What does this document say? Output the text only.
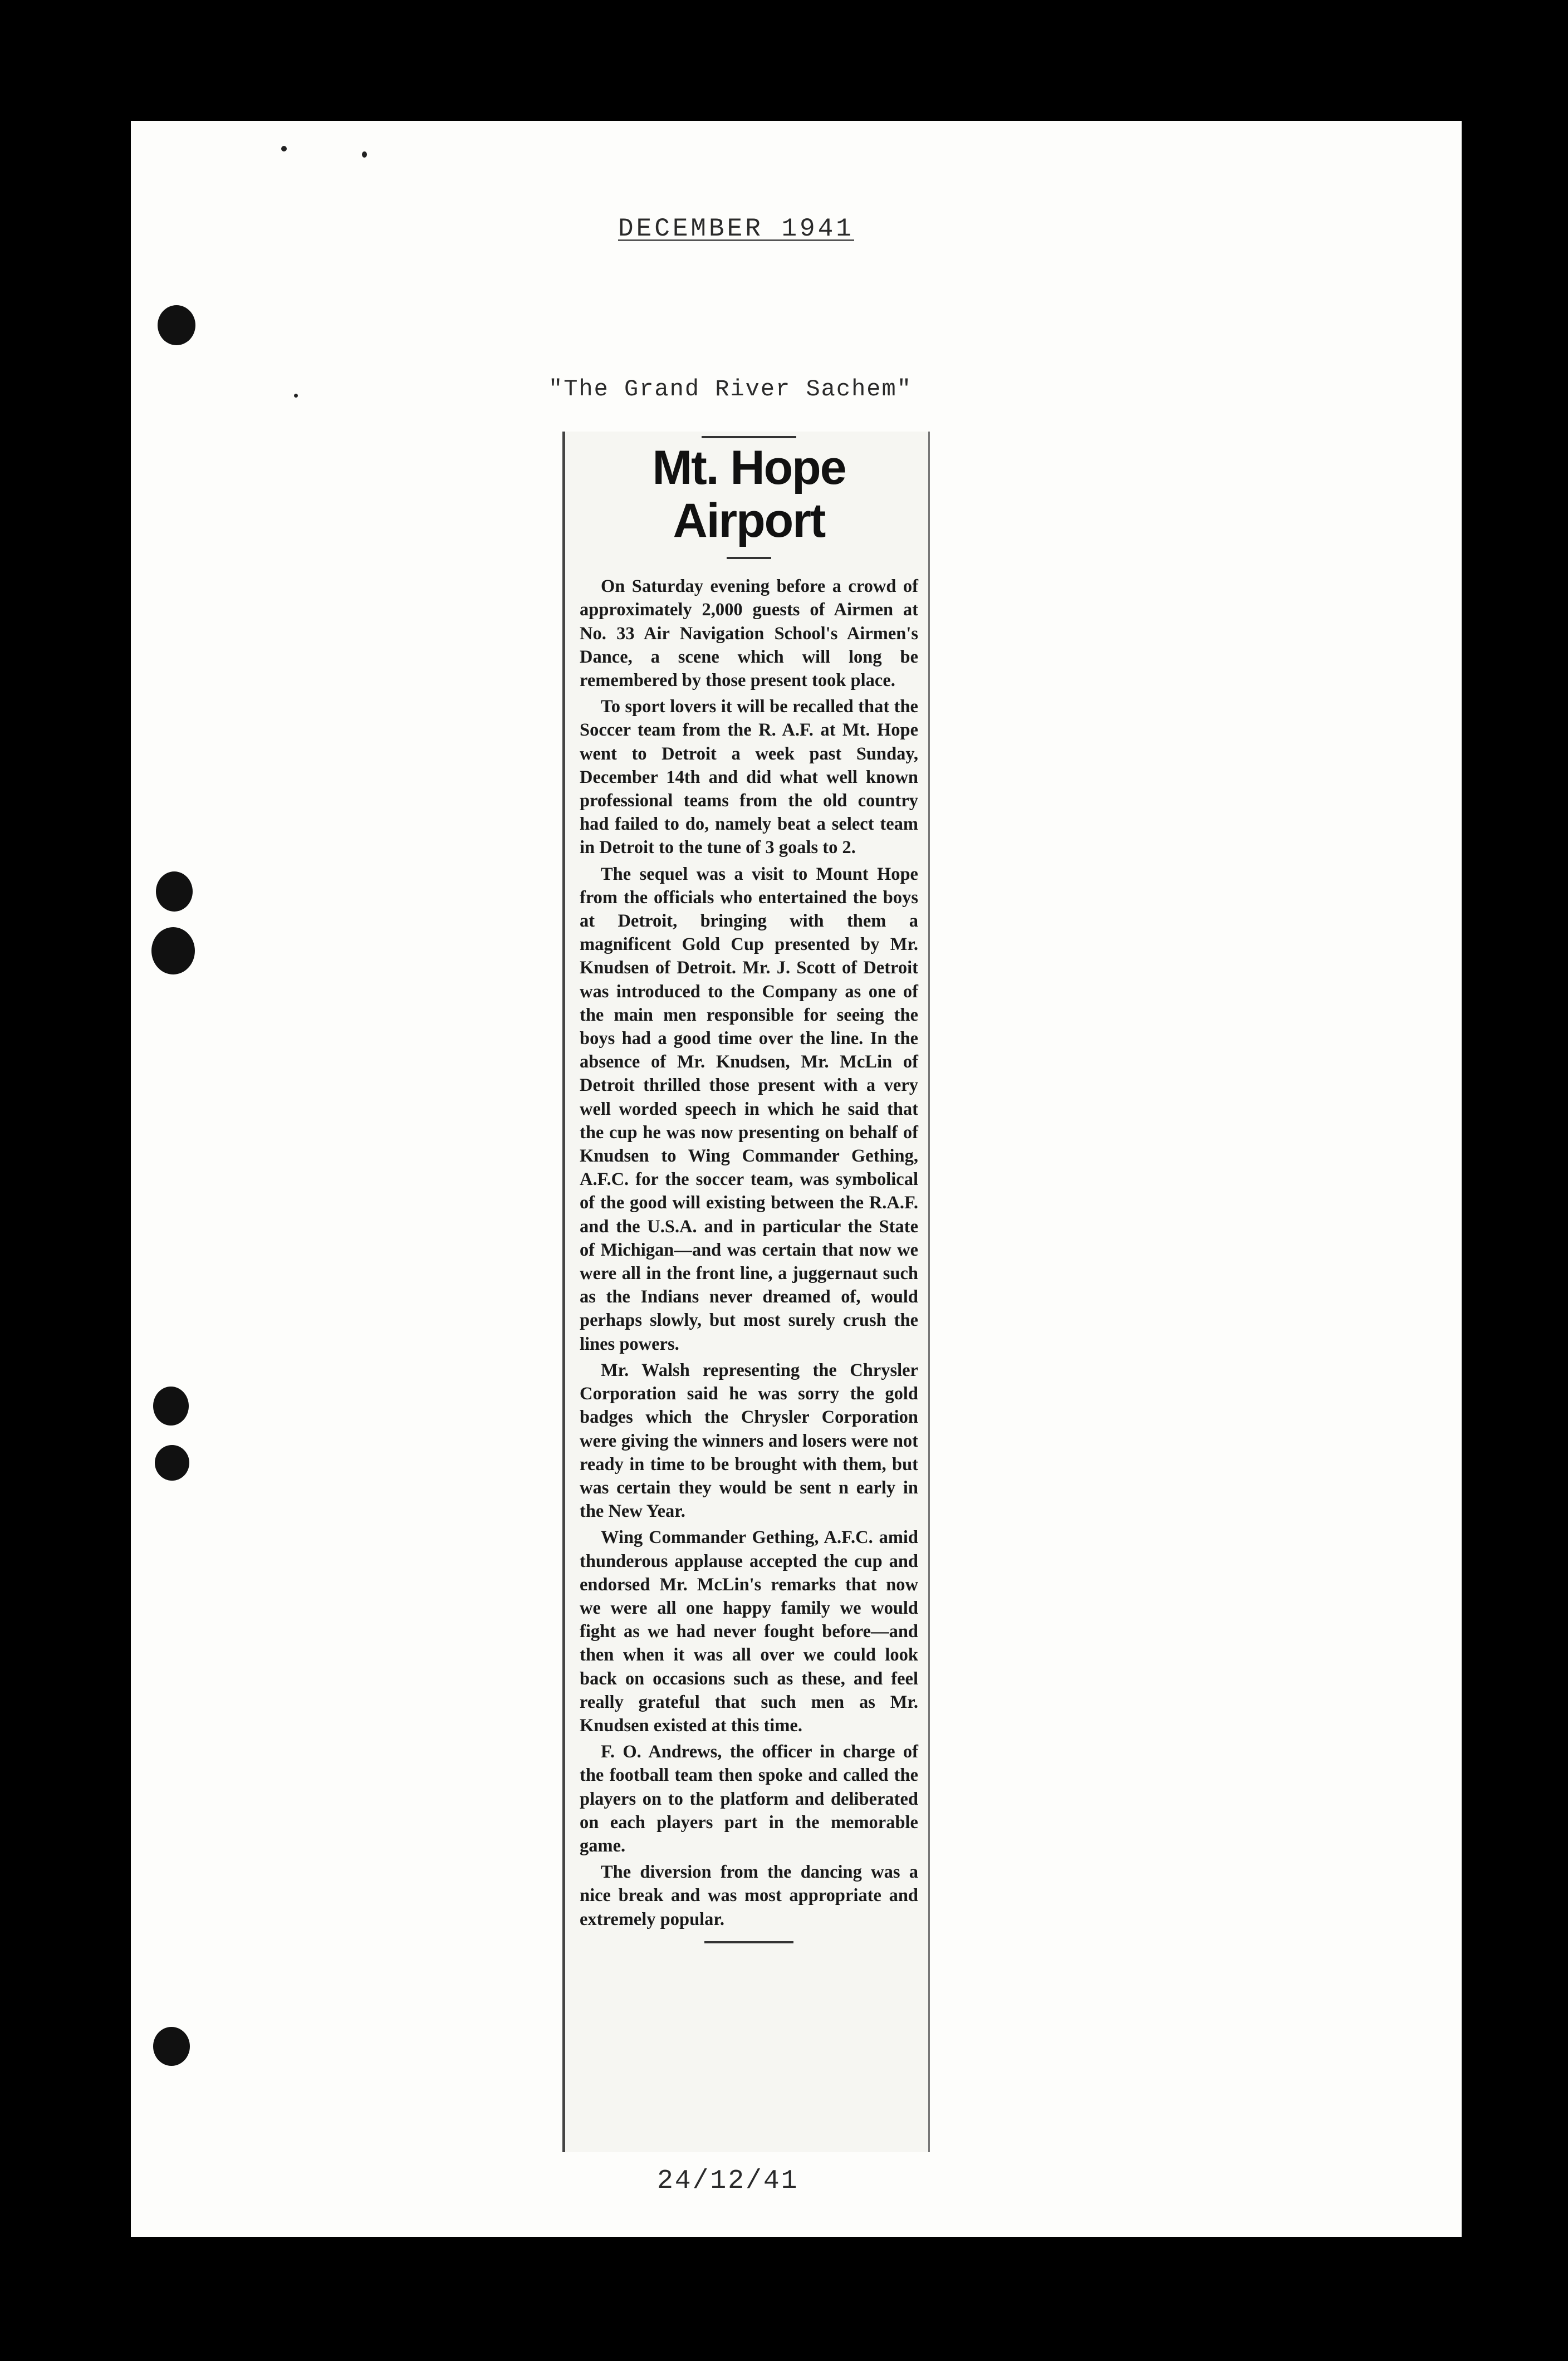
DECEMBER 1941
"The Grand River Sachem"
Mt. Hope Airport

On Saturday evening before a crowd of approximately 2,000 guests of Airmen at No. 33 Air Navigation School's Airmen's Dance, a scene which will long be remembered by those present took place.

To sport lovers it will be recalled that the Soccer team from the R. A.F. at Mt. Hope went to Detroit a week past Sunday, December 14th and did what well known professional teams from the old country had failed to do, namely beat a select team in Detroit to the tune of 3 goals to 2.

The sequel was a visit to Mount Hope from the officials who entertained the boys at Detroit, bringing with them a magnificent Gold Cup presented by Mr. Knudsen of Detroit. Mr. J. Scott of Detroit was introduced to the Company as one of the main men responsible for seeing the boys had a good time over the line. In the absence of Mr. Knudsen, Mr. McLin of Detroit thrilled those present with a very well worded speech in which he said that the cup he was now presenting on behalf of Knudsen to Wing Commander Gething, A.F.C. for the soccer team, was symbolical of the good will existing between the R.A.F. and the U.S.A. and in particular the State of Michigan—and was certain that now we were all in the front line, a juggernaut such as the Indians never dreamed of, would perhaps slowly, but most surely crush the lines powers.

Mr. Walsh representing the Chrysler Corporation said he was sorry the gold badges which the Chrysler Corporation were giving the winners and losers were not ready in time to be brought with them, but was certain they would be sent n early in the New Year.

Wing Commander Gething, A.F.C. amid thunderous applause accepted the cup and endorsed Mr. McLin's remarks that now we were all one happy family we would fight as we had never fought before—and then when it was all over we could look back on occasions such as these, and feel really grateful that such men as Mr. Knudsen existed at this time.

F. O. Andrews, the officer in charge of the football team then spoke and called the players on to the platform and deliberated on each players part in the memorable game.

The diversion from the dancing was a nice break and was most appropriate and extremely popular.

24/12/41
